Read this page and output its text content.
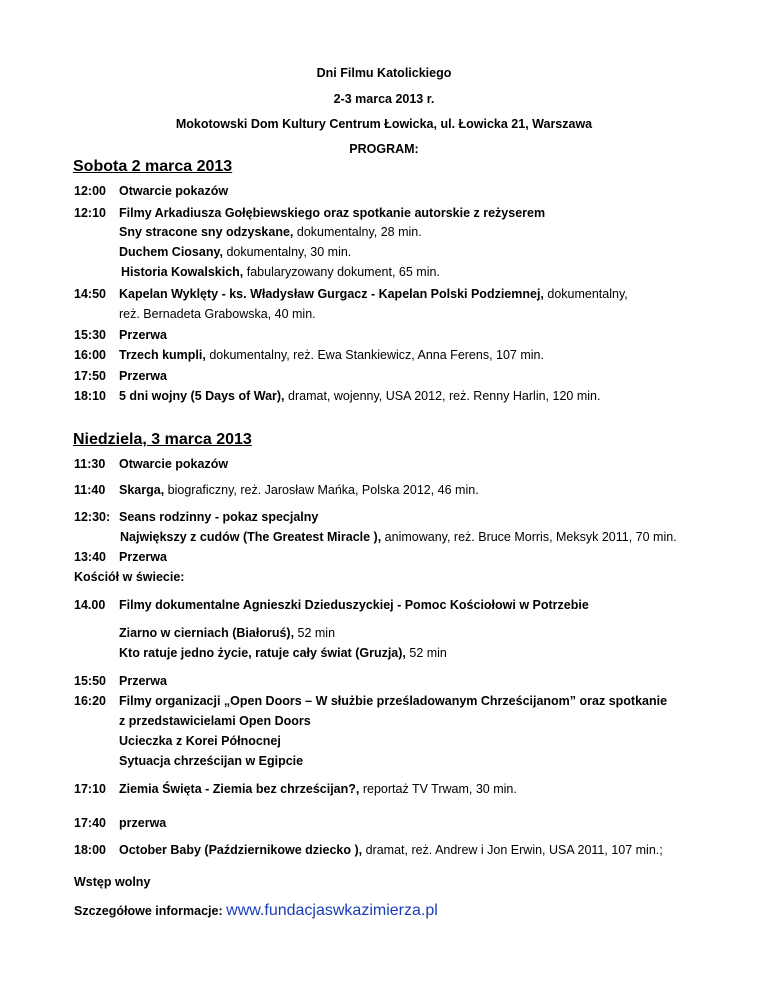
Dni Filmu Katolickiego
2-3 marca 2013 r.
Mokotowski Dom Kultury Centrum Łowicka, ul. Łowicka 21, Warszawa
PROGRAM:
Sobota 2 marca 2013
12:00 Otwarcie pokazów
12:10 Filmy Arkadiusza Gołębiewskiego oraz spotkanie autorskie z reżyserem
Sny stracone sny odzyskane, dokumentalny, 28 min.
Duchem Ciosany, dokumentalny, 30 min.
Historia Kowalskich, fabularyzowany dokument, 65 min.
14:50 Kapelan Wyklęty - ks. Władysław Gurgacz - Kapelan Polski Podziemnej, dokumentalny,
reż. Bernadeta Grabowska, 40 min.
15:30 Przerwa
16:00 Trzech kumpli, dokumentalny, reż. Ewa Stankiewicz, Anna Ferens, 107 min.
17:50 Przerwa
18:10 5 dni wojny (5 Days of War), dramat, wojenny, USA 2012, reż. Renny Harlin, 120 min.
Niedziela, 3 marca 2013
11:30 Otwarcie pokazów
11:40 Skarga, biograficzny, reż. Jarosław Mańka, Polska 2012, 46 min.
12:30: Seans rodzinny - pokaz specjalny
Największy z cudów (The Greatest Miracle ), animowany, reż. Bruce Morris, Meksyk 2011, 70 min.
13:40 Przerwa
Kościół w świecie:
14.00 Filmy dokumentalne Agnieszki Dzieduszyckiej - Pomoc Kościołowi w Potrzebie
Ziarno w cierniach (Białoruś), 52 min
Kto ratuje jedno życie, ratuje cały świat (Gruzja), 52 min
15:50 Przerwa
16:20 Filmy organizacji „Open Doors – W służbie prześladowanym Chrześcijanom” oraz spotkanie
z przedstawicielami Open Doors
Ucieczka z Korei Północnej
Sytuacja chrześcijan w Egipcie
17:10 Ziemia Święta - Ziemia bez chrześcijan?, reportaż TV Trwam, 30 min.
17:40 przerwa
18:00 October Baby (Październikowe dziecko ), dramat, reż. Andrew i Jon Erwin, USA 2011, 107 min.;
Wstęp wolny
Szczegółowe informacje: www.fundacjaswkazimierza.pl
